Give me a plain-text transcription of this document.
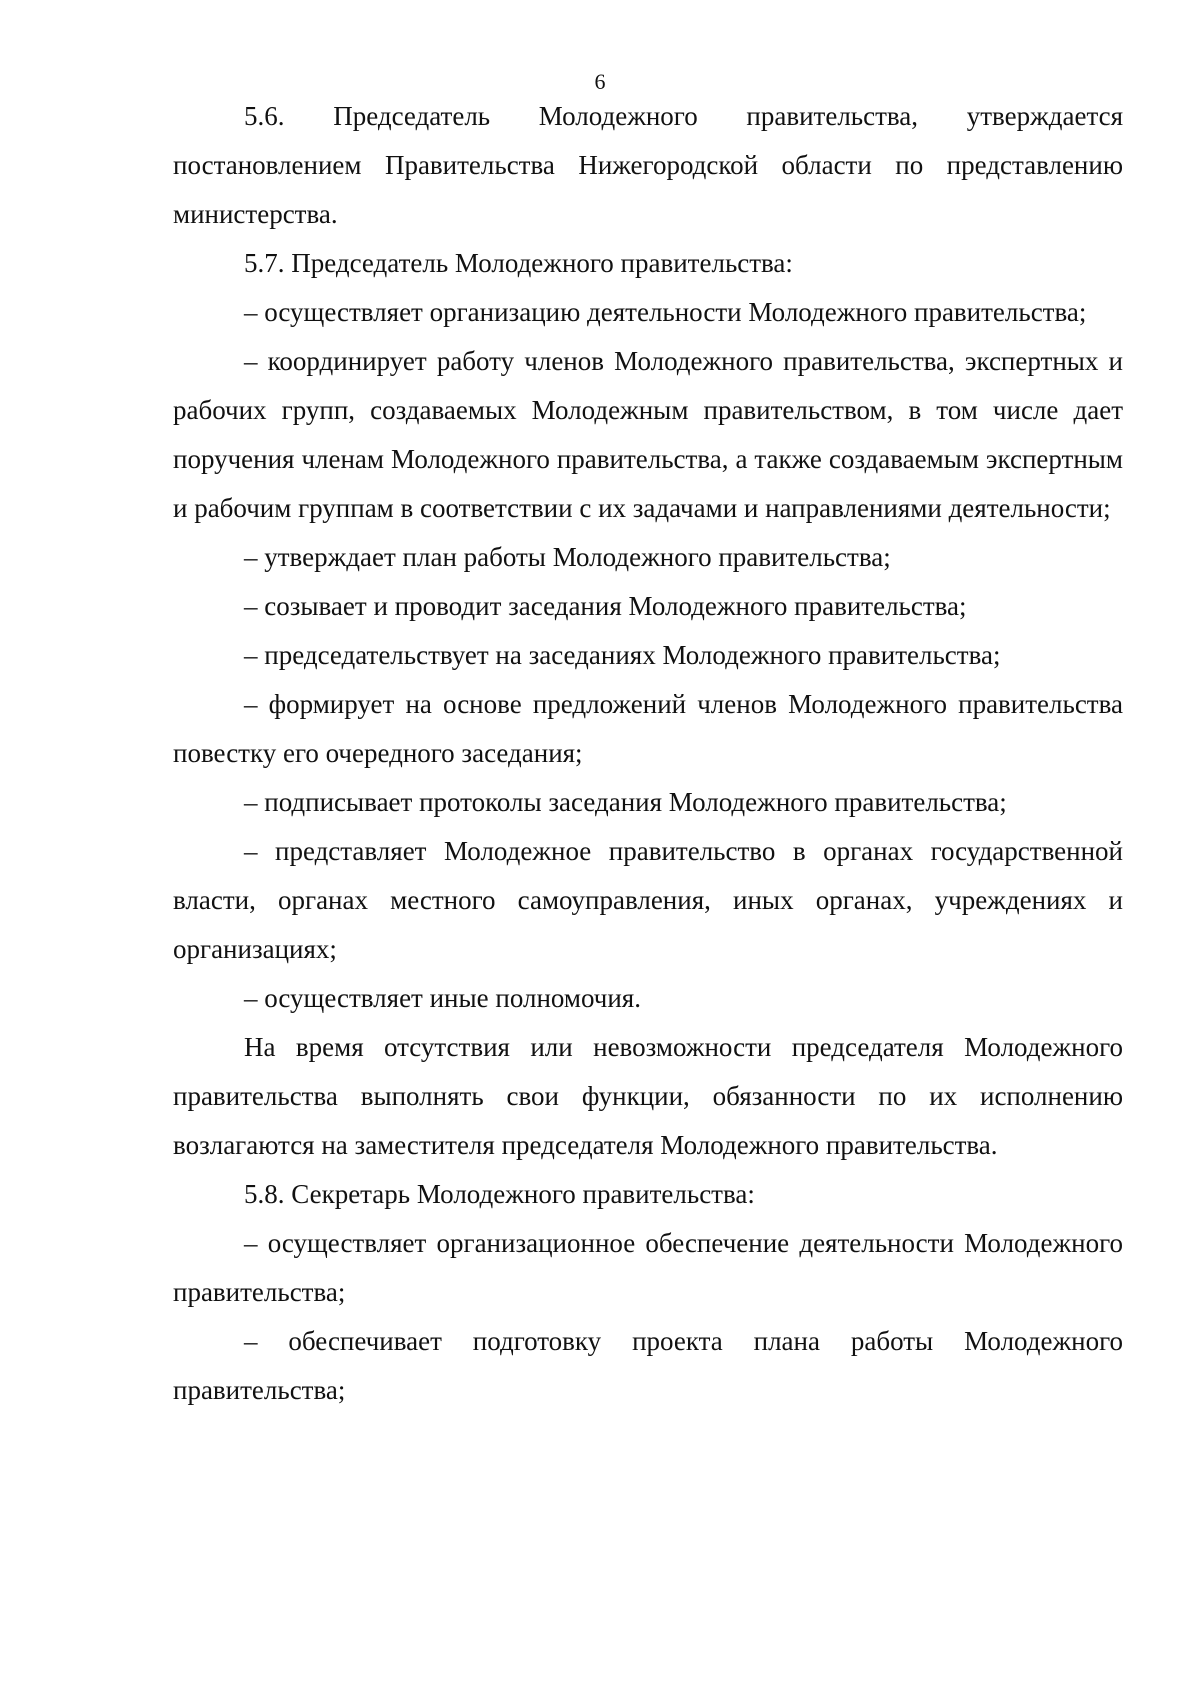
6

5.6. Председатель Молодежного правительства, утверждается постановлением Правительства Нижегородской области по представлению министерства.

5.7. Председатель Молодежного правительства:

– осуществляет организацию деятельности Молодежного правительства;

– координирует работу членов Молодежного правительства, экспертных и рабочих групп, создаваемых Молодежным правительством, в том числе дает поручения членам Молодежного правительства, а также создаваемым экспертным и рабочим группам в соответствии с их задачами и направлениями деятельности;

– утверждает план работы Молодежного правительства;

– созывает и проводит заседания Молодежного правительства;

– председательствует на заседаниях Молодежного правительства;

– формирует на основе предложений членов Молодежного правительства повестку его очередного заседания;

– подписывает протоколы заседания Молодежного правительства;

– представляет Молодежное правительство в органах государственной власти, органах местного самоуправления, иных органах, учреждениях и организациях;

– осуществляет иные полномочия.

На время отсутствия или невозможности председателя Молодежного правительства выполнять свои функции, обязанности по их исполнению возлагаются на заместителя председателя Молодежного правительства.

5.8. Секретарь Молодежного правительства:

– осуществляет организационное обеспечение деятельности Молодежного правительства;

– обеспечивает подготовку проекта плана работы Молодежного правительства;
